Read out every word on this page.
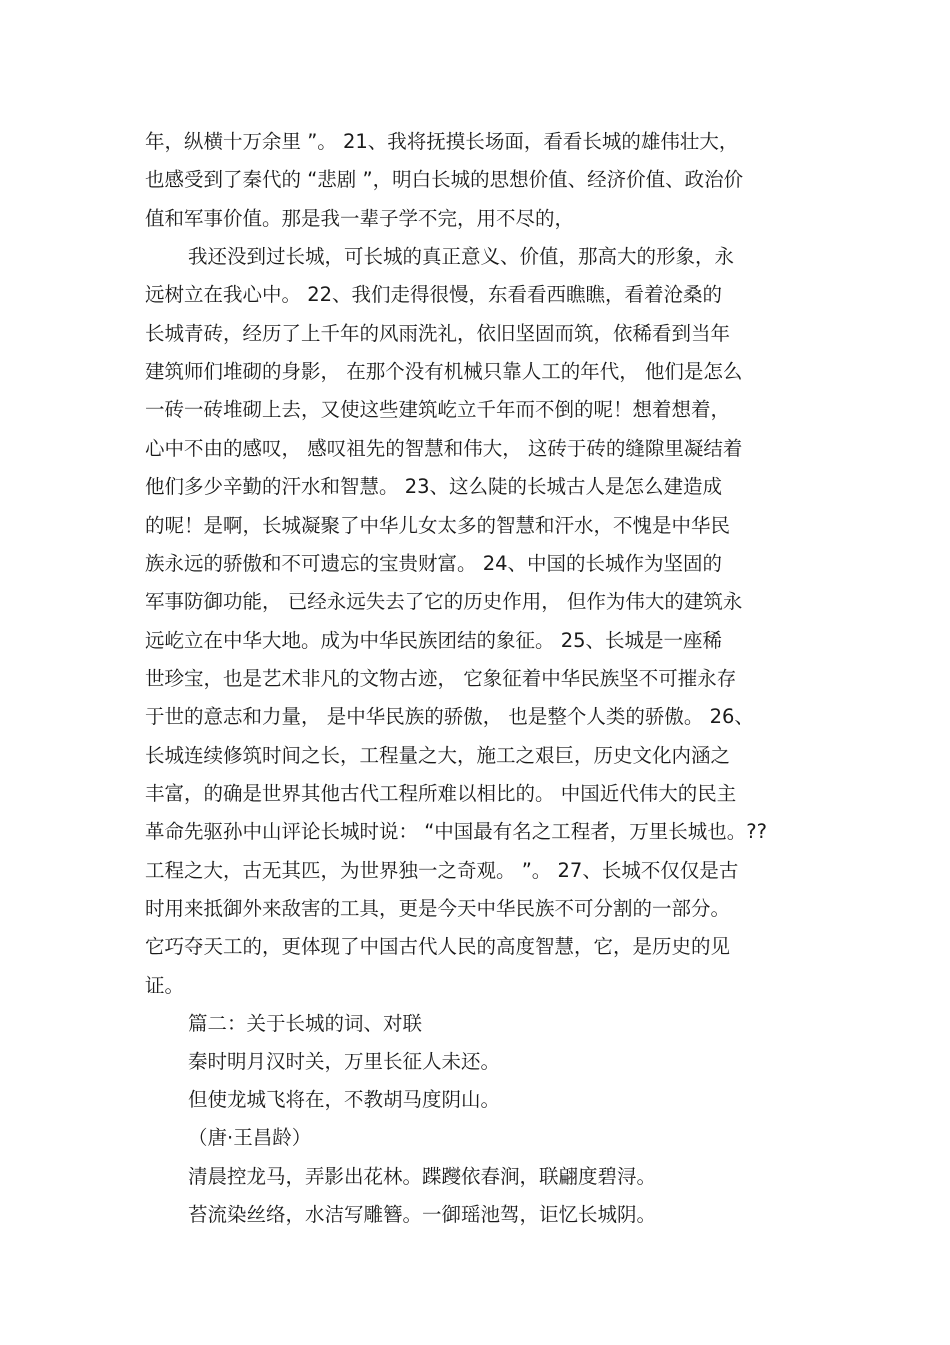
年，纵横十万余里 ”。 21、我将抚摸长场面，看看长城的雄伟壮大，
也感受到了秦代的 “悲剧 ”，明白长城的思想价值、经济价值、政治价
值和军事价值。那是我一辈子学不完，用不尽的，
我还没到过长城，可长城的真正意义、价值，那高大的形象，永
远树立在我心中。 22、我们走得很慢，东看看西瞧瞧，看着沧桑的
长城青砖，经历了上千年的风雨洗礼，依旧坚固而筑，依稀看到当年
建筑师们堆砌的身影， 在那个没有机械只靠人工的年代， 他们是怎么
一砖一砖堆砌上去，又使这些建筑屹立千年而不倒的呢！想着想着，
心中不由的感叹， 感叹祖先的智慧和伟大， 这砖于砖的缝隙里凝结着
他们多少辛勤的汗水和智慧。 23、这么陡的长城古人是怎么建造成
的呢！是啊，长城凝聚了中华儿女太多的智慧和汗水，不愧是中华民
族永远的骄傲和不可遗忘的宝贵财富。 24、中国的长城作为坚固的
军事防御功能， 已经永远失去了它的历史作用， 但作为伟大的建筑永
远屹立在中华大地。成为中华民族团结的象征。 25、长城是一座稀
世珍宝，也是艺术非凡的文物古迹， 它象征着中华民族坚不可摧永存
于世的意志和力量， 是中华民族的骄傲， 也是整个人类的骄傲。 26、
长城连续修筑时间之长，工程量之大，施工之艰巨，历史文化内涵之
丰富，的确是世界其他古代工程所难以相比的。 中国近代伟大的民主
革命先驱孙中山评论长城时说： “中国最有名之工程者，万里长城也。??
工程之大，古无其匹，为世界独一之奇观。 ”。 27、长城不仅仅是古
时用来抵御外来敌害的工具，更是今天中华民族不可分割的一部分。
它巧夺天工的，更体现了中国古代人民的高度智慧，它，是历史的见
证。
篇二：关于长城的词、对联
秦时明月汉时关，万里长征人未还。
但使龙城飞将在，不教胡马度阴山。
（唐·王昌龄）
清晨控龙马，弄影出花林。蹀躞依春涧，联翩度碧浔。
苔流染丝络，水洁写雕簪。一御瑶池驾，讵忆长城阴。
